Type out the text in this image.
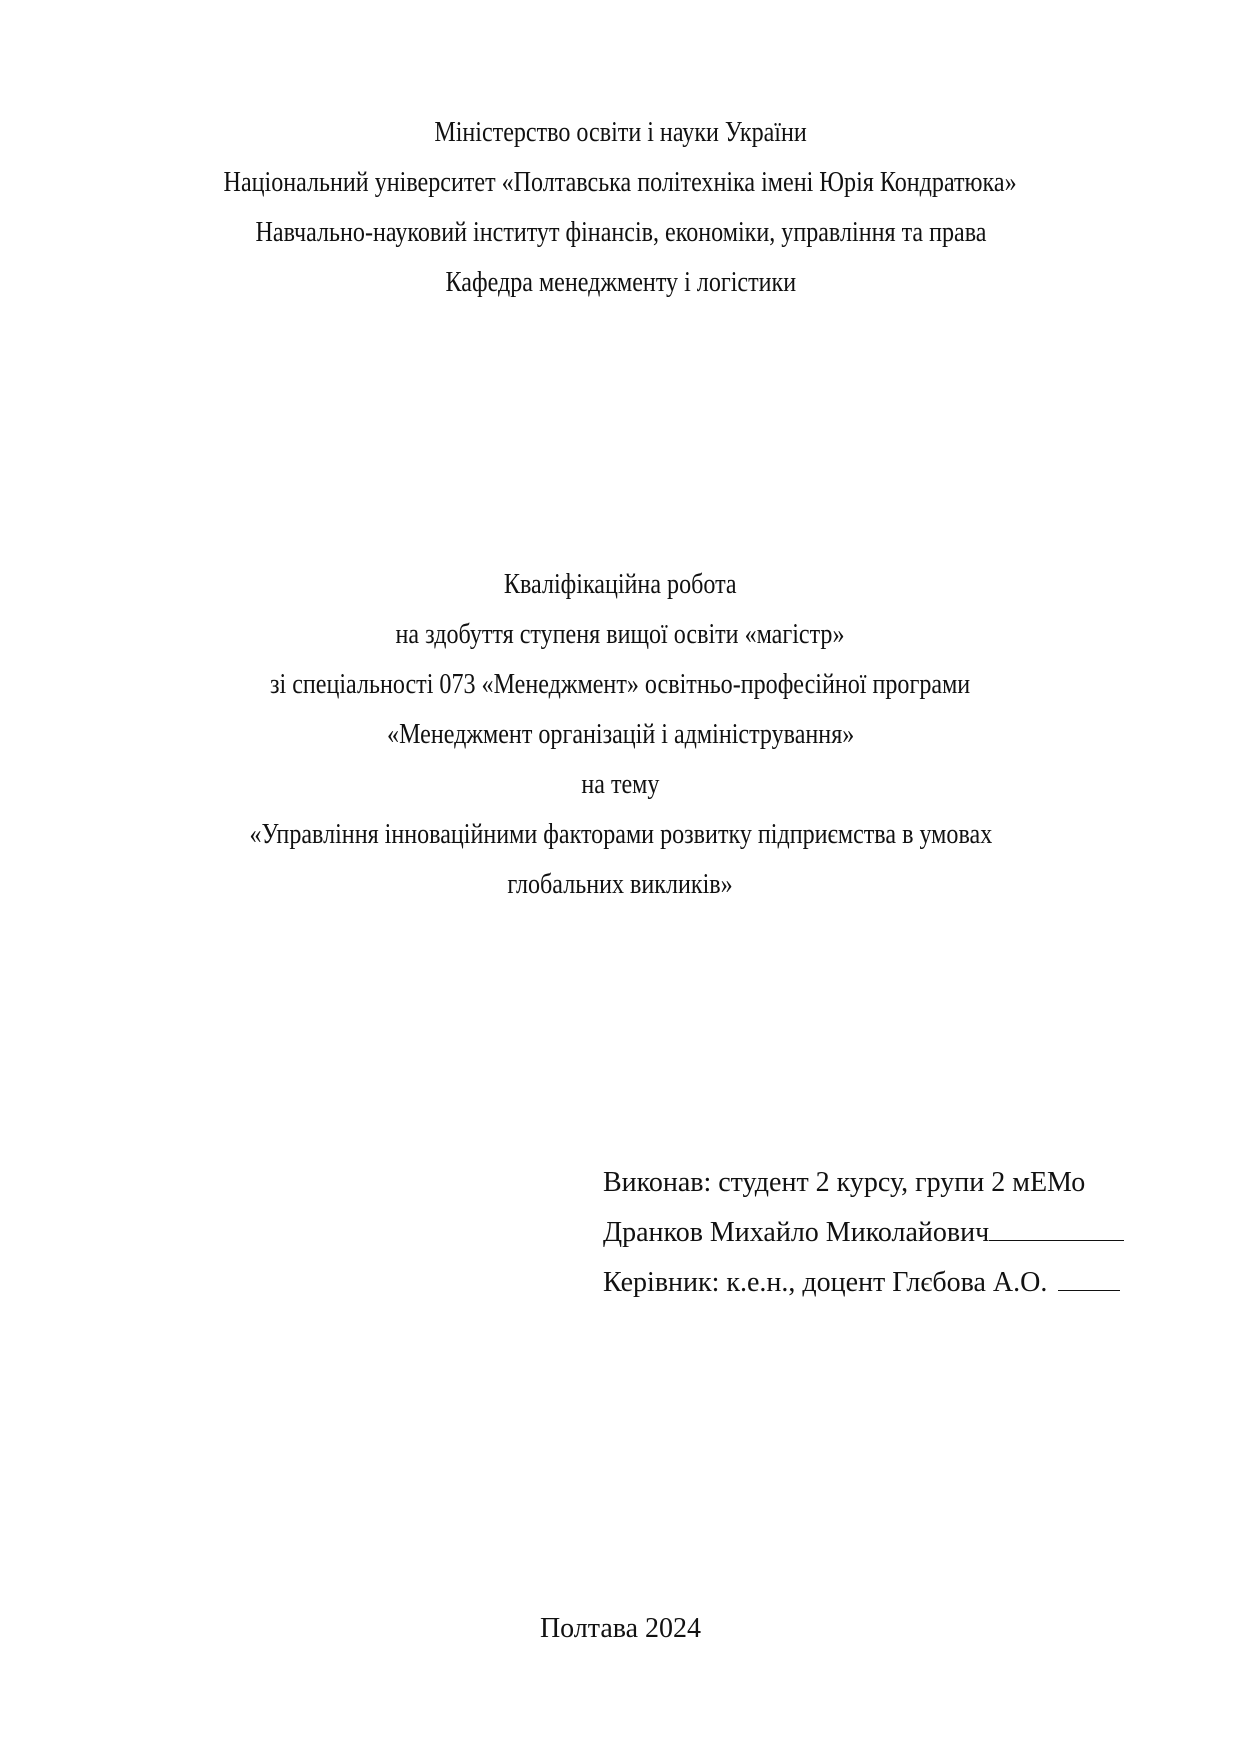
Міністерство освіти і науки України
Національний університет «Полтавська політехніка імені Юрія Кондратюка»
Навчально-науковий інститут фінансів, економіки, управління та права
Кафедра менеджменту і логістики
Кваліфікаційна робота
на здобуття ступеня вищої освіти «магістр»
зі спеціальності 073 «Менеджмент» освітньо-професійної програми
«Менеджмент організацій і адміністрування»
на тему
«Управління інноваційними факторами розвитку підприємства в умовах
глобальних викликів»
Виконав: студент 2 курсу, групи 2 мЕМо
Дранков Михайло Миколайович
Керівник: к.е.н., доцент Глєбова А.О.
Полтава 2024
